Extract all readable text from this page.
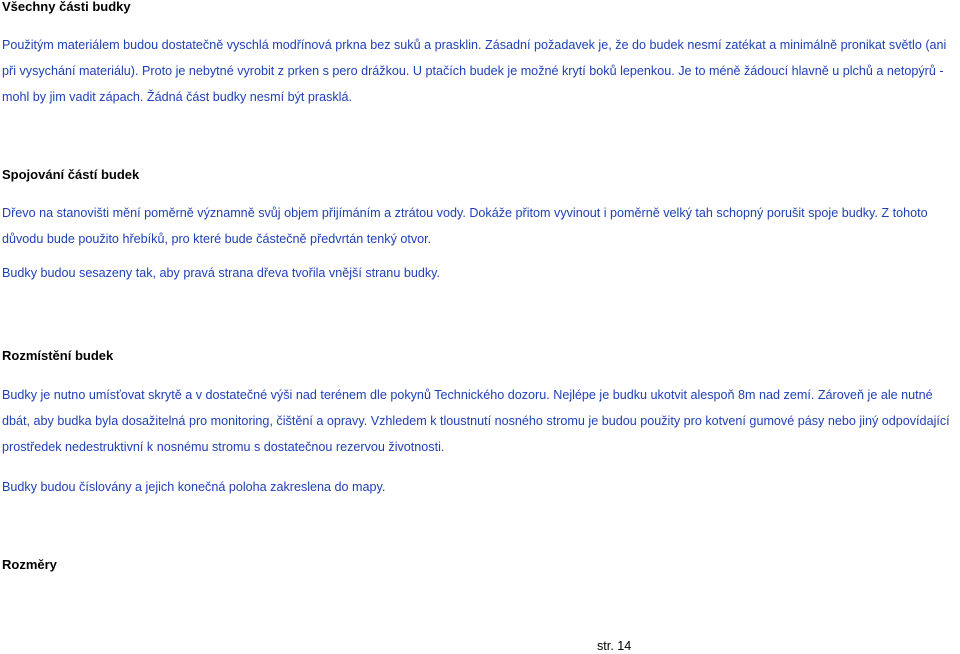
Všechny části budky

Použitým materiálem budou dostatečně vyschlá modřínová prkna bez suků a prasklin. Zásadní požadavek je, že do budek nesmí zatékat a minimálně pronikat světlo (ani při vysychání materiálu). Proto je nebytné vyrobit z prken s pero drážkou. U ptačích budek je možné krytí boků lepenkou. Je to méně žádoucí hlavně u plchů a netopýrů - mohl by jim vadit zápach. Žádná část budky nesmí být prasklá.

Spojování částí budek

Dřevo na stanovišti mění poměrně významně svůj objem přijímáním a ztrátou vody. Dokáže přitom vyvinout i poměrně velký tah schopný porušit spoje budky. Z tohoto důvodu bude použito hřebíků, pro které bude částečně předvrtán tenký otvor.

Budky budou sesazeny tak, aby pravá strana dřeva tvořila vnější stranu budky.

Rozmístění budek

Budky je nutno umísťovat skrytě a v dostatečné výši nad terénem dle pokynů Technického dozoru. Nejlépe je budku ukotvit alespoň 8m nad zemí. Zároveň je ale nutné dbát, aby budka byla dosažitelná pro monitoring, čištění a opravy. Vzhledem k tloustnutí nosného stromu je budou použity pro kotvení gumové pásy nebo jiný odpovídající prostředek nedestruktivní k nosnému stromu s dostatečnou rezervou životnosti.

Budky budou číslovány a jejich konečná poloha zakreslena do mapy.

Rozměry
str. 14
